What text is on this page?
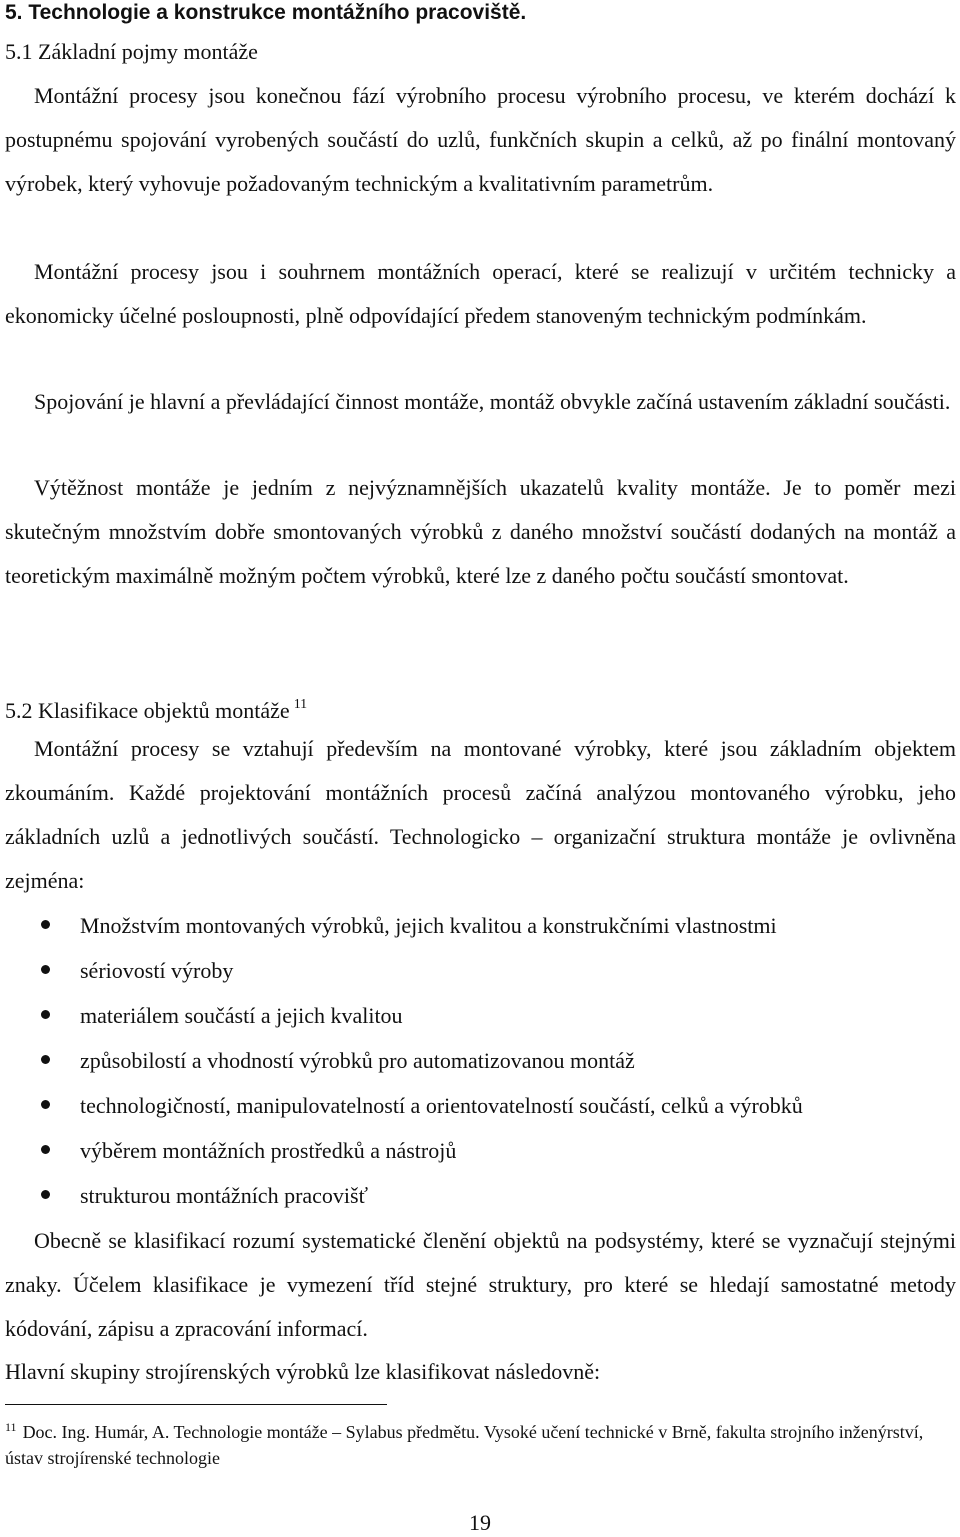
5. Technologie a konstrukce montážního pracoviště.
5.1 Základní pojmy montáže

Montážní procesy jsou konečnou fází výrobního procesu výrobního procesu, ve kterém dochází k postupnému spojování vyrobených součástí do uzlů, funkčních skupin a celků, až po finální montovaný výrobek, který vyhovuje požadovaným technickým a kvalitativním parametrům.

Montážní procesy jsou i souhrnem montážních operací, které se realizují v určitém technicky a ekonomicky účelné posloupnosti, plně odpovídající předem stanoveným technickým podmínkám.

Spojování je hlavní a převládající činnost montáže, montáž obvykle začíná ustavením základní součásti.

Výtěžnost montáže je jedním z nejvýznamnějších ukazatelů kvality montáže. Je to poměr mezi skutečným množstvím dobře smontovaných výrobků z daného množství součástí dodaných na montáž a teoretickým maximálně možným počtem výrobků, které lze z daného počtu součástí smontovat.

5.2 Klasifikace objektů montáže $^{11}$

Montážní procesy se vztahují především na montované výrobky, které jsou základním objektem zkoumáním. Každé projektování montážních procesů začíná analýzou montovaného výrobku, jeho základních uzlů a jednotlivých součástí. Technologicko – organizační struktura montáže je ovlivněna zejména:

Množstvím montovaných výrobků, jejich kvalitou a konstrukčními vlastnostmi
sériovostí výroby
materiálem součástí a jejich kvalitou
způsobilostí a vhodností výrobků pro automatizovanou montáž
technologičností, manipulovatelností a orientovatelností součástí, celků a výrobků
výběrem montážních prostředků a nástrojů
strukturou montážních pracovišť

Obecně se klasifikací rozumí systematické členění objektů na podsystémy, které se vyznačují stejnými znaky. Účelem klasifikace je vymezení tříd stejné struktury, pro které se hledají samostatné metody kódování, zápisu a zpracování informací.

Hlavní skupiny strojírenských výrobků lze klasifikovat následovně:

$^{11}$ Doc. Ing. Humár, A. Technologie montáže – Sylabus předmětu. Vysoké učení technické v Brně, fakulta strojního inženýrství, ústav strojírenské technologie

19
